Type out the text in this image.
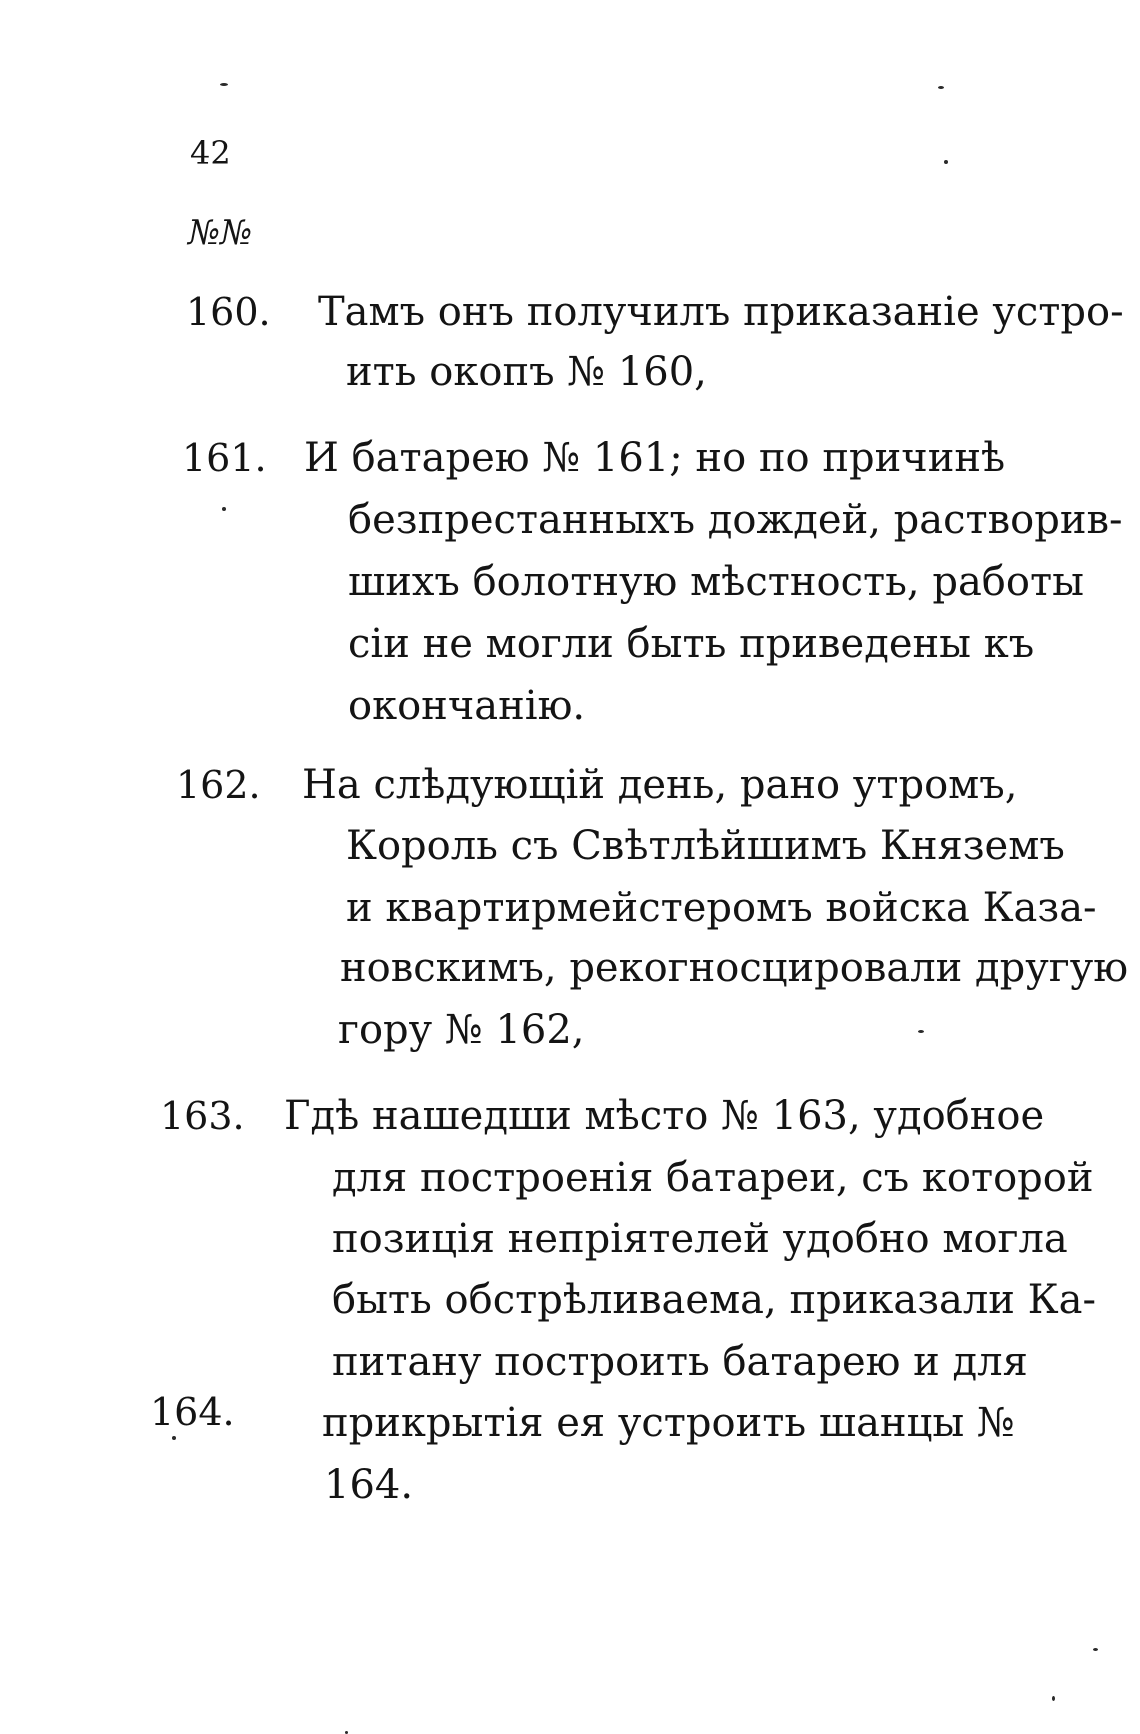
42
№№
160. Тамъ онъ получилъ приказаніе устро-
ить окопъ № 160,
161. И батарею № 161; но по причинѣ
безпрестанныхъ дождей, растворив-
шихъ болотную мѣстность, работы
сіи не могли быть приведены къ
окончанію.
162. На слѣдующій день, рано утромъ,
Король съ Свѣтлѣйшимъ Княземъ
и квартирмейстеромъ войска Каза-
новскимъ, рекогносцировали другую
гору № 162,
163. Гдѣ нашедши мѣсто № 163, удобное
для построенія батареи, съ которой
позиція непріятелей удобно могла
быть обстрѣливаема, приказали Ка-
питану построить батарею и для
164. прикрытія ея устроить шанцы №
164.
